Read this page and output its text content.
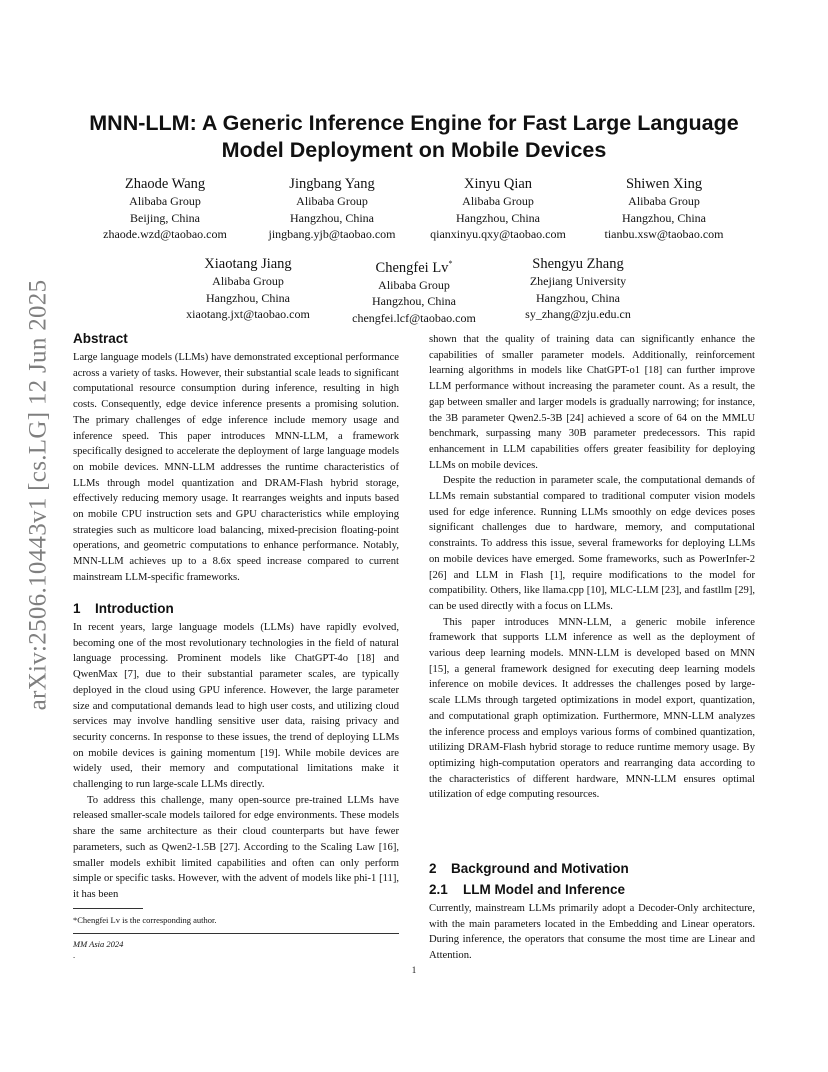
arXiv:2506.10443v1 [cs.LG] 12 Jun 2025
MNN-LLM: A Generic Inference Engine for Fast Large Language
Model Deployment on Mobile Devices
Zhaode Wang
Alibaba Group
Beijing, China
zhaode.wzd@taobao.com
Jingbang Yang
Alibaba Group
Hangzhou, China
jingbang.yjb@taobao.com
Xinyu Qian
Alibaba Group
Hangzhou, China
qianxinyu.qxy@taobao.com
Shiwen Xing
Alibaba Group
Hangzhou, China
tianbu.xsw@taobao.com
Xiaotang Jiang
Alibaba Group
Hangzhou, China
xiaotang.jxt@taobao.com
Chengfei Lv*
Alibaba Group
Hangzhou, China
chengfei.lcf@taobao.com
Shengyu Zhang
Zhejiang University
Hangzhou, China
sy_zhang@zju.edu.cn
Abstract

Large language models (LLMs) have demonstrated exceptional performance across a variety of tasks. However, their substantial scale leads to significant computational resource consumption during inference, resulting in high costs. Consequently, edge device inference presents a promising solution. The primary challenges of edge inference include memory usage and inference speed. This paper introduces MNN-LLM, a framework specifically designed to accelerate the deployment of large language models on mobile devices. MNN-LLM addresses the runtime characteristics of LLMs through model quantization and DRAM-Flash hybrid storage, effectively reducing memory usage. It rearranges weights and inputs based on mobile CPU instruction sets and GPU characteristics while employing strategies such as multicore load balancing, mixed-precision floating-point operations, and geometric computations to enhance performance. Notably, MNN-LLM achieves up to a 8.6x speed increase compared to current mainstream LLM-specific frameworks.

1 Introduction

In recent years, large language models (LLMs) have rapidly evolved, becoming one of the most revolutionary technologies in the field of natural language processing. Prominent models like ChatGPT-4o [18] and QwenMax [7], due to their substantial parameter scales, are typically deployed in the cloud using GPU inference. However, the large parameter size and computational demands lead to high user costs, and utilizing cloud services may involve handling sensitive user data, raising privacy and security concerns. In response to these issues, the trend of deploying LLMs on mobile devices is gaining momentum [19]. While mobile devices are widely used, their memory and computational limitations make it challenging to run large-scale LLMs directly.

To address this challenge, many open-source pre-trained LLMs have released smaller-scale models tailored for edge environments. These models share the same architecture as their cloud counterparts but have fewer parameters, such as Qwen2-1.5B [27]. According to the Scaling Law [16], smaller models exhibit limited capabilities and often can only perform simple or specific tasks. However, with the advent of models like phi-1 [11], it has been

*Chengfei Lv is the corresponding author.
MM Asia 2024
.

shown that the quality of training data can significantly enhance the capabilities of smaller parameter models. Additionally, reinforcement learning algorithms in models like ChatGPT-o1 [18] can further improve LLM performance without increasing the parameter count. As a result, the gap between smaller and larger models is gradually narrowing; for instance, the 3B parameter Qwen2.5-3B [24] achieved a score of 64 on the MMLU benchmark, surpassing many 30B parameter predecessors. This rapid enhancement in LLM capabilities offers greater feasibility for deploying LLMs on mobile devices.

Despite the reduction in parameter scale, the computational demands of LLMs remain substantial compared to traditional computer vision models used for edge inference. Running LLMs smoothly on edge devices poses significant challenges due to hardware, memory, and computational constraints. To address this issue, several frameworks for deploying LLMs on mobile devices have emerged. Some frameworks, such as PowerInfer-2 [26] and LLM in Flash [1], require modifications to the model for compatibility. Others, like llama.cpp [10], MLC-LLM [23], and fastllm [29], can be used directly with a focus on LLMs.

This paper introduces MNN-LLM, a generic mobile inference framework that supports LLM inference as well as the deployment of various deep learning models. MNN-LLM is developed based on MNN [15], a general framework designed for executing deep learning models inference on mobile devices. It addresses the challenges posed by large-scale LLMs through targeted optimizations in model export, quantization, and computational graph optimization. Furthermore, MNN-LLM analyzes the inference process and employs various forms of combined quantization, utilizing DRAM-Flash hybrid storage to reduce runtime memory usage. By optimizing high-computation operators and rearranging data according to the characteristics of different hardware, MNN-LLM ensures optimal utilization of edge computing resources.

2 Background and Motivation
2.1 LLM Model and Inference

Currently, mainstream LLMs primarily adopt a Decoder-Only architecture, with the main parameters located in the Embedding and Linear operators. During inference, the operators that consume the most time are Linear and Attention.

1
